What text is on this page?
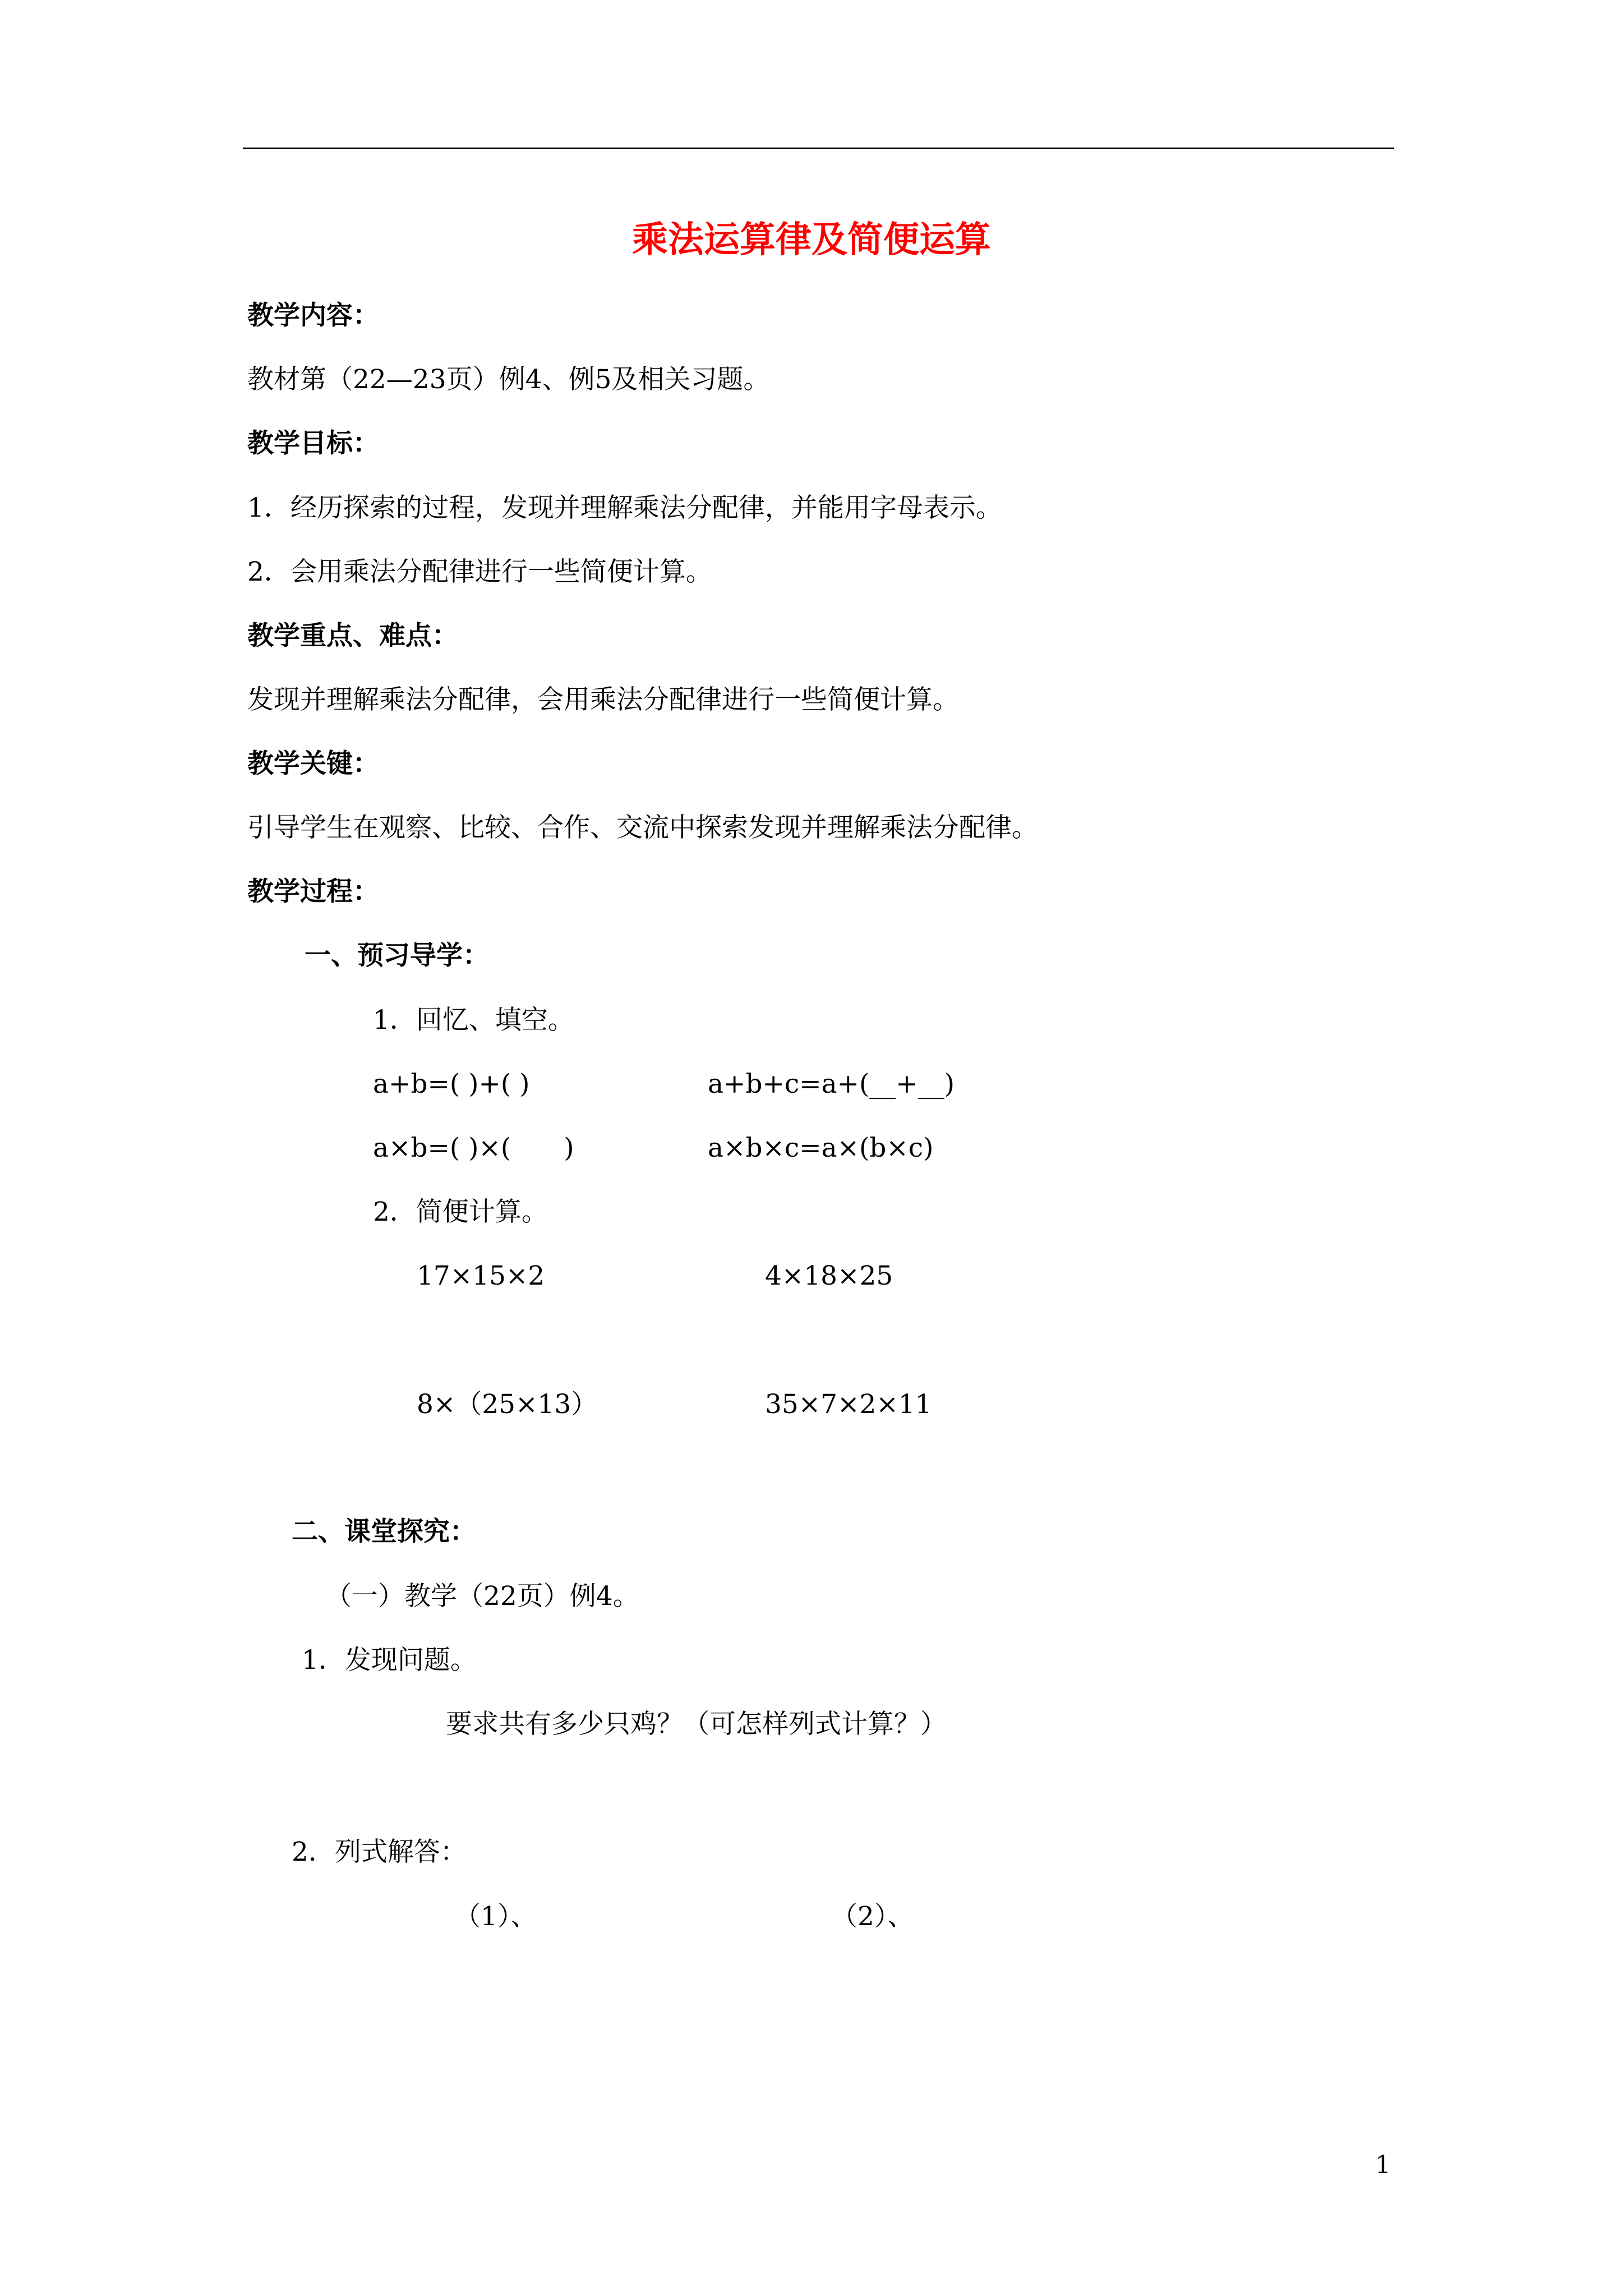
乘法运算律及简便运算
教学内容：
教材第（22—23页）例4、例5及相关习题。
教学目标：
1．经历探索的过程，发现并理解乘法分配律，并能用字母表示。
2．会用乘法分配律进行一些简便计算。
教学重点、难点：
发现并理解乘法分配律，会用乘法分配律进行一些简便计算。
教学关键：
引导学生在观察、比较、合作、交流中探索发现并理解乘法分配律。
教学过程：
一、预习导学：
1．回忆、填空。
a+b=( )+( )	a+b+c=a+(__+__)
a×b=( )×(　　)	a×b×c=a×(b×c)
2．简便计算。
17×15×2	4×18×25
8×（25×13）	35×7×2×11
二、课堂探究：
（一）教学（22页）例4。
1．发现问题。
要求共有多少只鸡？（可怎样列式计算？）
2．列式解答：
（1）、	（2）、
1
